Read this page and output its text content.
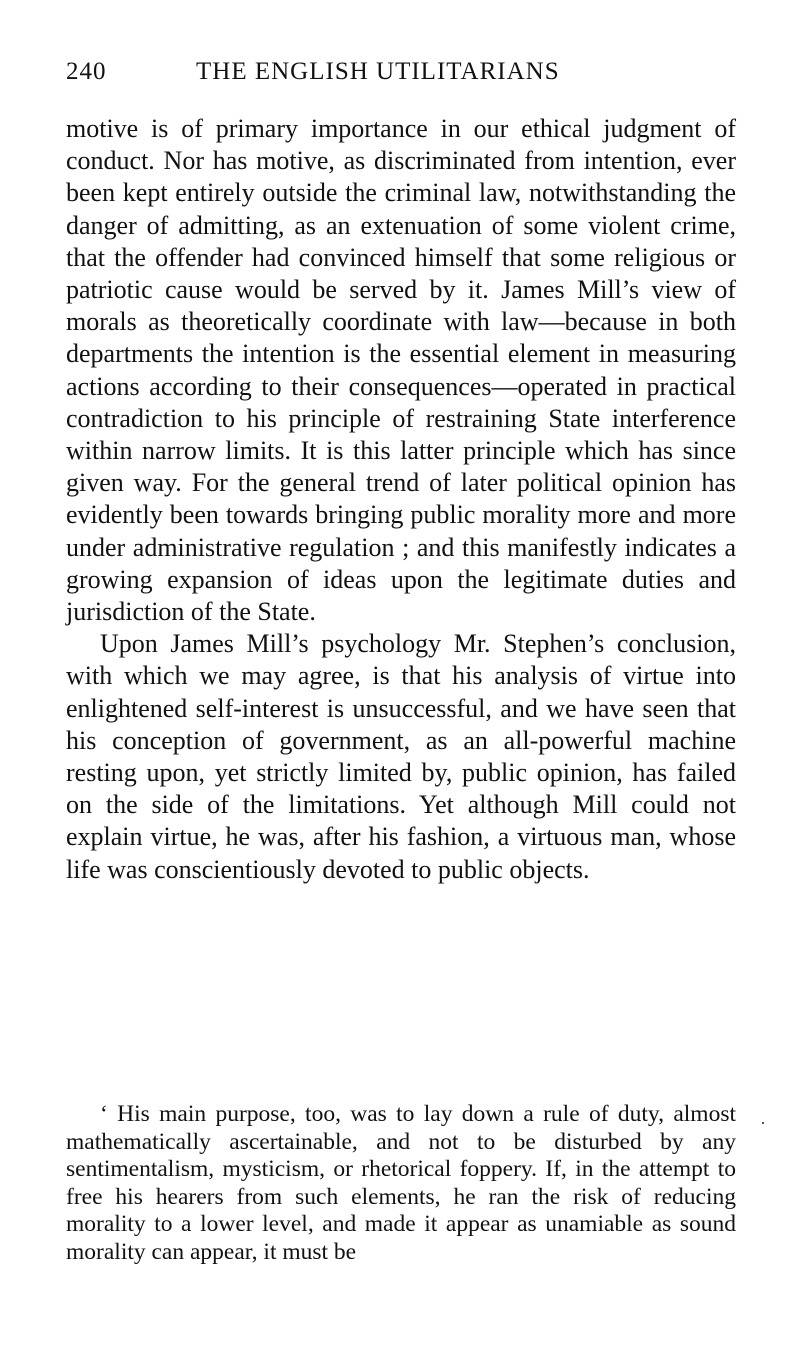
240	THE ENGLISH UTILITARIANS

motive is of primary importance in our ethical judgment of conduct. Nor has motive, as discriminated from intention, ever been kept entirely outside the criminal law, notwithstanding the danger of admitting, as an extenuation of some violent crime, that the offender had convinced himself that some religious or patriotic cause would be served by it. James Mill’s view of morals as theoretically coordinate with law—because in both departments the intention is the essential element in measuring actions according to their consequences—operated in practical contradiction to his principle of restraining State interference within narrow limits. It is this latter principle which has since given way. For the general trend of later political opinion has evidently been towards bringing public morality more and more under administrative regulation ; and this manifestly indicates a growing expansion of ideas upon the legitimate duties and jurisdiction of the State.

Upon James Mill’s psychology Mr. Stephen’s conclusion, with which we may agree, is that his analysis of virtue into enlightened self-interest is unsuccessful, and we have seen that his conception of government, as an all-powerful machine resting upon, yet strictly limited by, public opinion, has failed on the side of the limitations. Yet although Mill could not explain virtue, he was, after his fashion, a virtuous man, whose life was conscientiously devoted to public objects.

‘ His main purpose, too, was to lay down a rule of duty, almost mathematically ascertainable, and not to be disturbed by any sentimentalism, mysticism, or rhetorical foppery. If, in the attempt to free his hearers from such elements, he ran the risk of reducing morality to a lower level, and made it appear as unamiable as sound morality can appear, it must be
